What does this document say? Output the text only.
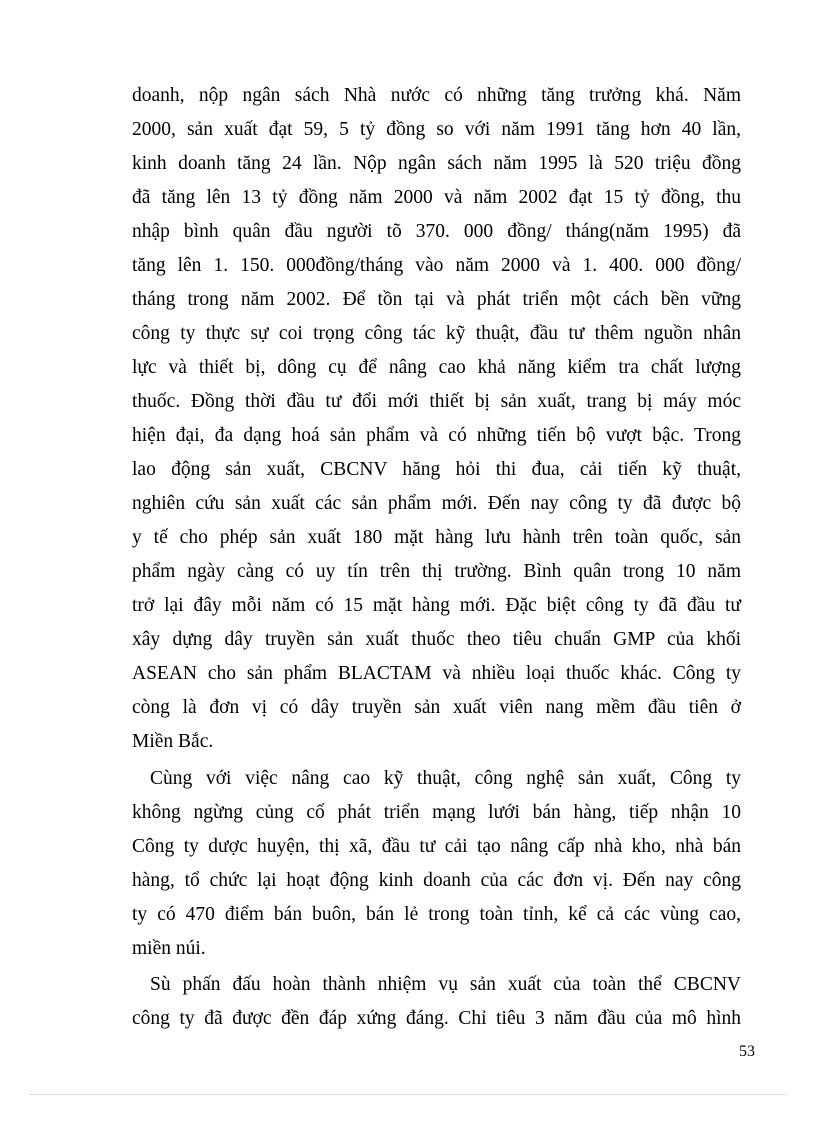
doanh, nộp ngân sách Nhà nước có những tăng trưởng khá. Năm
2000, sản xuất đạt 59, 5 tỷ đồng so với năm 1991 tăng hơn 40 lần,
kinh doanh tăng 24 lần. Nộp ngân sách năm 1995 là 520 triệu đồng
đã tăng lên 13 tỷ đồng năm 2000 và năm 2002 đạt 15 tỷ đồng, thu
nhập bình quân đầu người tõ 370. 000 đồng/ tháng(năm 1995) đã
tăng lên 1. 150. 000đồng/tháng vào năm 2000 và 1. 400. 000 đồng/
tháng trong năm 2002. Để tồn tại và phát triển một cách bền vững
công ty thực sự coi trọng công tác kỹ thuật, đầu tư thêm nguồn nhân
lực và thiết bị, dông cụ để nâng cao khả năng kiểm tra chất lượng
thuốc. Đồng thời đầu tư đổi mới thiết bị sản xuất, trang bị máy móc
hiện đại, đa dạng hoá sản phẩm và có những tiến bộ vượt bậc. Trong
lao động sản xuất, CBCNV hăng hỏi thi đua, cải tiến kỹ thuật,
nghiên cứu sản xuất các sản phẩm mới. Đến nay công ty đã được bộ
y tế cho phép sản xuất 180 mặt hàng lưu hành trên toàn quốc, sản
phẩm ngày càng có uy tín trên thị trường. Bình quân trong 10 năm
trở lại đây mỗi năm có 15 mặt hàng mới. Đặc biệt công ty đã đầu tư
xây dựng dây truyền sản xuất thuốc theo tiêu chuẩn GMP của khối
ASEAN cho sản phẩm BLACTAM và nhiều loại thuốc khác. Công ty
còng là đơn vị có dây truyền sản xuất viên nang mềm đầu tiên ở
Miền Bắc.
Cùng với việc nâng cao kỹ thuật, công nghệ sản xuất, Công ty
không ngừng củng cố phát triển mạng lưới bán hàng, tiếp nhận 10
Công ty dược huyện, thị xã, đầu tư cải tạo nâng cấp nhà kho, nhà bán
hàng, tổ chức lại hoạt động kinh doanh của các đơn vị. Đến nay công
ty có 470 điểm bán buôn, bán lẻ trong toàn tỉnh, kể cả các vùng cao,
miền núi.
Sù phấn đấu hoàn thành nhiệm vụ sản xuất của toàn thể CBCNV
công ty đã được đền đáp xứng đáng. Chỉ tiêu 3 năm đầu của mô hình
53
